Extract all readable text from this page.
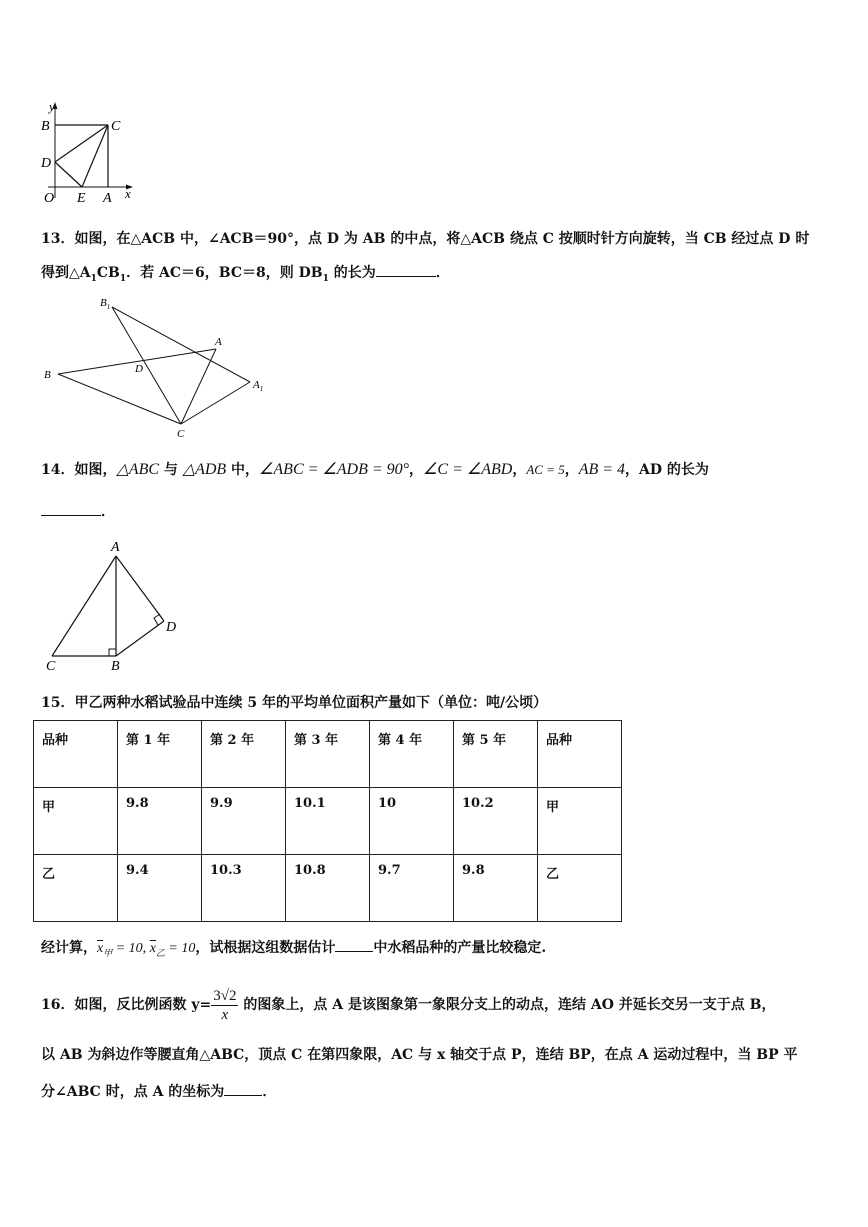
y
B	C
D
O E A x
13．如图，在△ACB 中，∠ACB＝90°，点 D 为 AB 的中点，将△ACB 绕点 C 按顺时针方向旋转，当 CB 经过点 D 时
得到$\triangle A_1CB_1$．若 AC＝6，BC＝8，则 $DB_1$ 的长为	．
$B_1$
A
B	D
$A_1$
C
14．如图，△ABC 与 △ADB 中，∠ABC = ∠ADB = 90°，∠C = ∠ABD，AC = 5，AB = 4，AD 的长为
．
A
C	B
D
15．甲乙两种水稻试验品中连续 5 年的平均单位面积产量如下（单位：吨/公顷）
品种	第 1 年	第 2 年	第 3 年	第 4 年	第 5 年	品种
甲	9.8	9.9	10.1	10	10.2	甲
乙	9.4	10.3	10.8	9.7	9.8	乙
经计算，$\overline{x}_甲 = 10$, $\overline{x}_乙 = 10$，试根据这组数据估计	中水稻品种的产量比较稳定.
16．如图，反比例函数 $y= \frac{3√2}{x}$ 的图象上，点 A 是该图象第一象限分支上的动点，连结 AO 并延长交另一支于点 B，
以 AB 为斜边作等腰直角△ABC，顶点 C 在第四象限，AC 与 x 轴交于点 P，连结 BP，在点 A 运动过程中，当 BP 平
分∠ABC 时，点 A 的坐标为	．
